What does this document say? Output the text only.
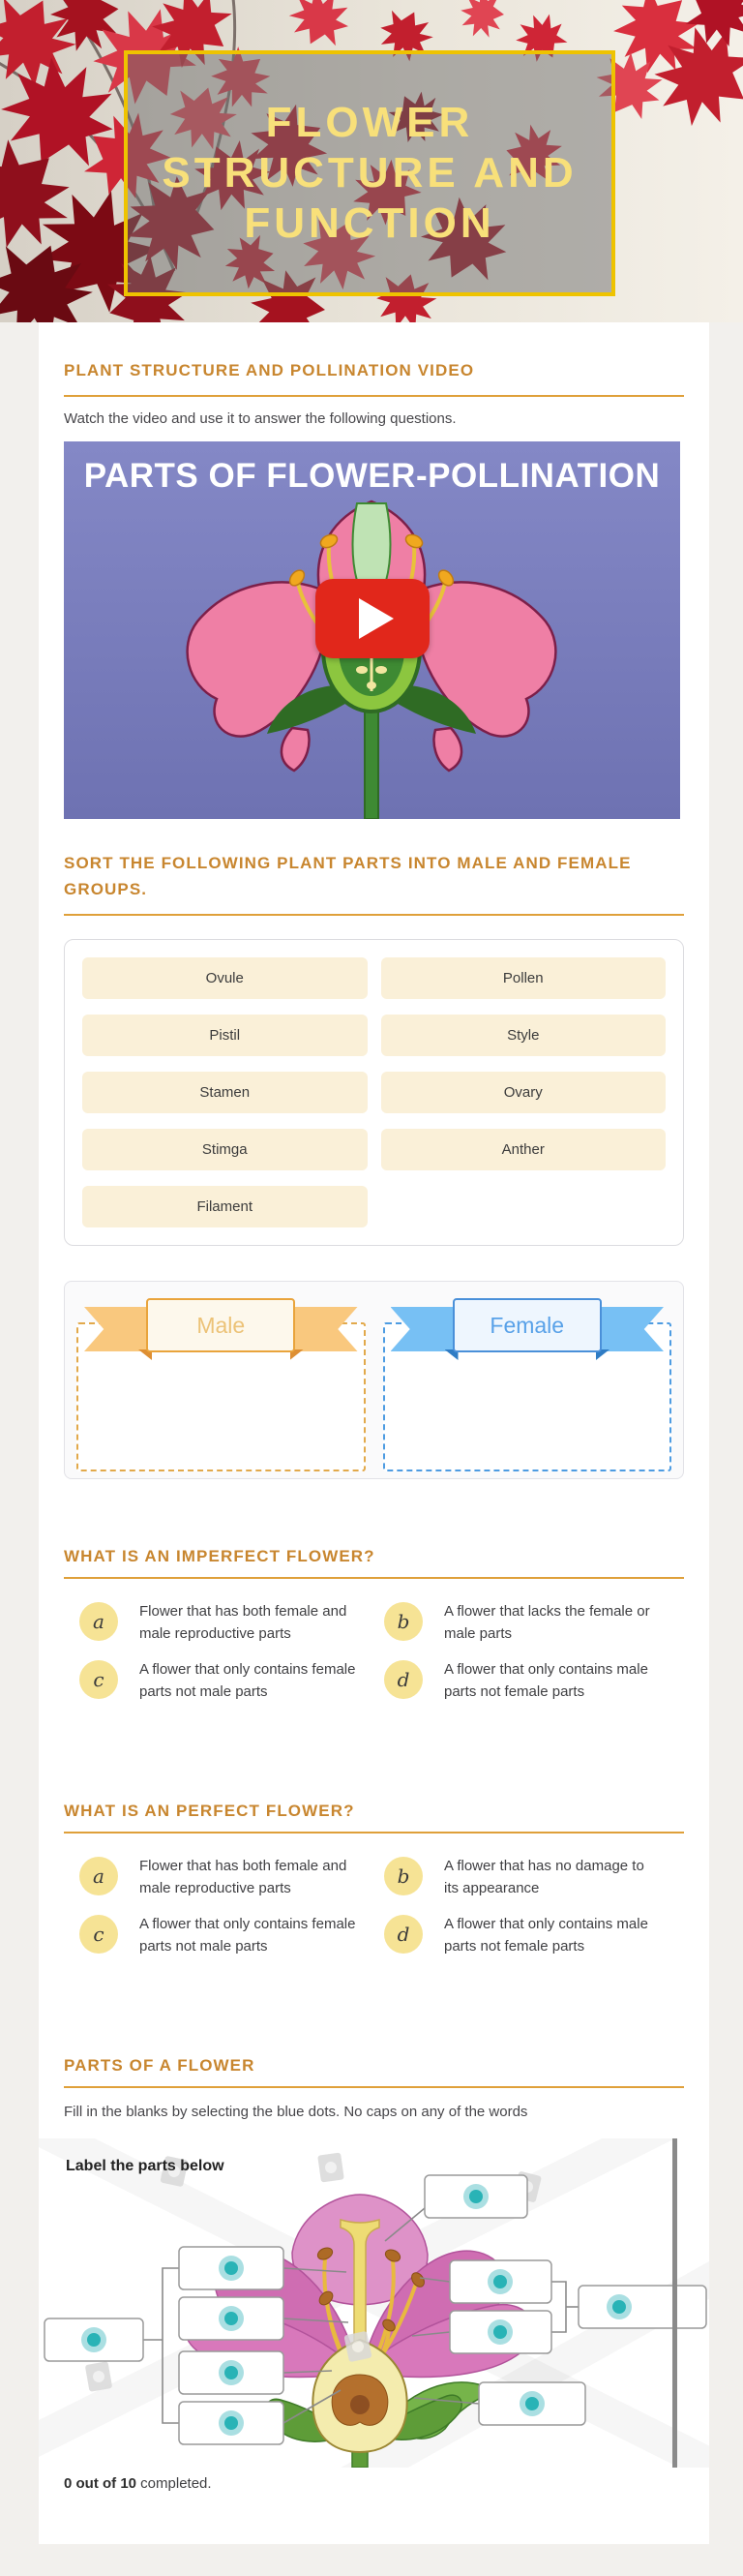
FLOWER
STRUCTURE AND
FUNCTION
PLANT STRUCTURE AND POLLINATION VIDEO

Watch the video and use it to answer the following questions.

PARTS OF FLOWER-POLLINATION
SORT THE FOLLOWING PLANT PARTS INTO MALE AND FEMALE GROUPS.
Ovule	Pollen
Pistil	Style
Stamen	Ovary
Stimga	Anther
Filament
Male	Female
WHAT IS AN IMPERFECT FLOWER?
a	Flower that has both female and male reproductive parts
b	A flower that lacks the female or male parts
c	A flower that only contains female parts not male parts
d	A flower that only contains male parts not female parts
WHAT IS AN PERFECT FLOWER?
a	Flower that has both female and male reproductive parts
b	A flower that has no damage to its appearance
c	A flower that only contains female parts not male parts
d	A flower that only contains male parts not female parts
PARTS OF A FLOWER

Fill in the blanks by selecting the blue dots. No caps on any of the words

Label the parts below

0 out of 10 completed.
